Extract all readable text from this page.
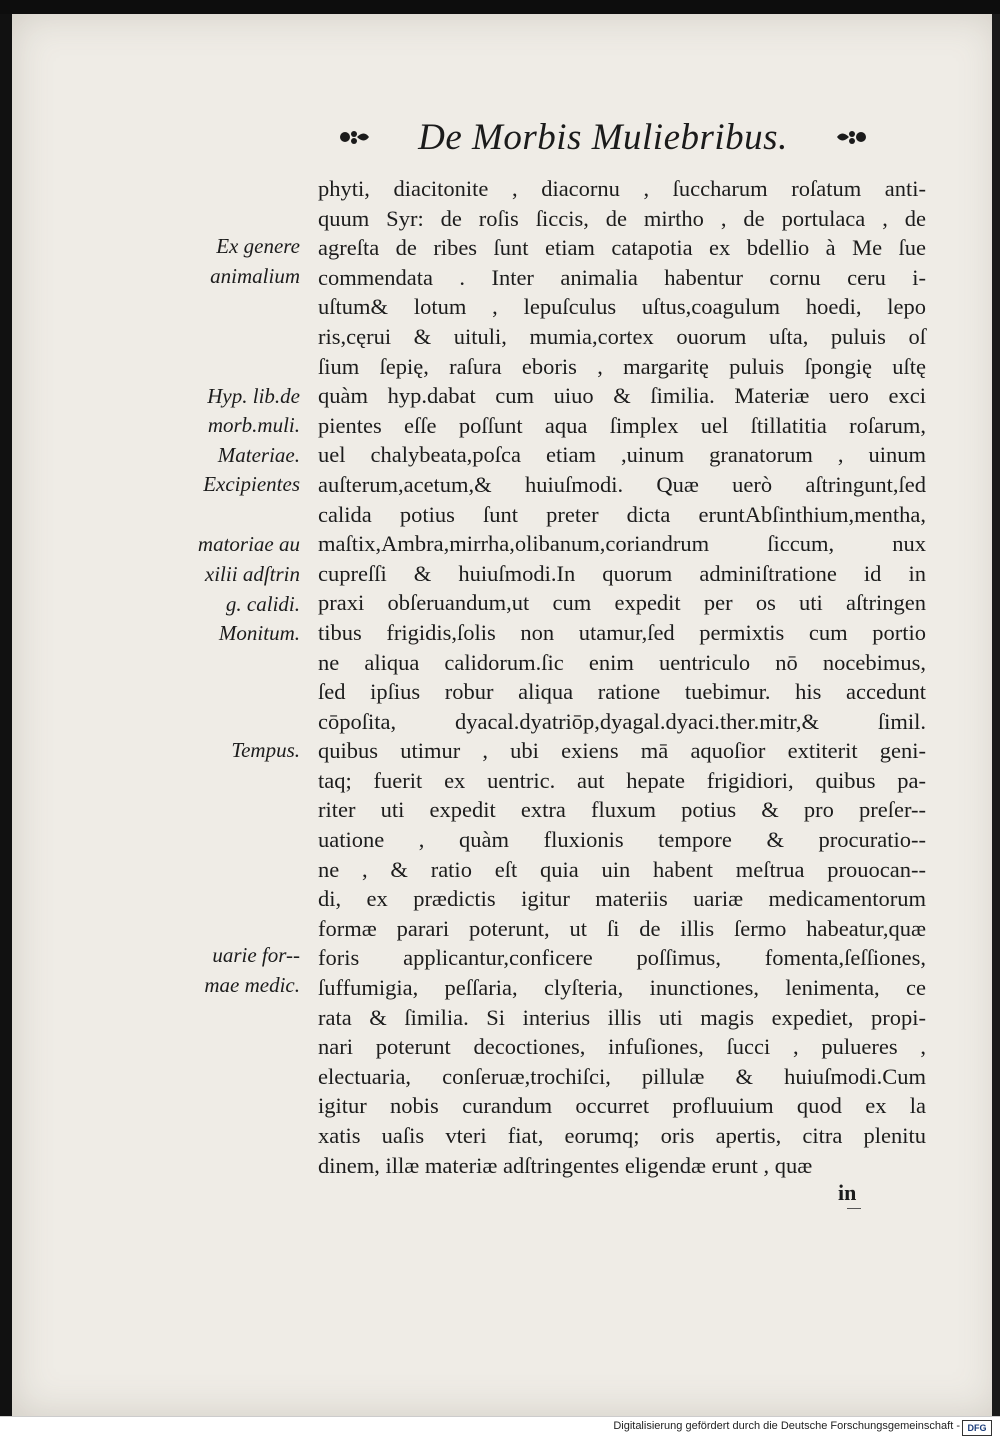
De Morbis Muliebribus.
phyti, diacitonite , diacornu , ſuccharum roſatum anti-
quum Syr: de roſis ſiccis, de mirtho , de portulaca , de
agreſta de ribes ſunt etiam catapotia ex bdellio à Me ſue
commendata . Inter animalia habentur cornu ceru i-
uſtum& lotum , lepuſculus uſtus,coagulum hoedi, lepo
ris,cęrui & uituli, mumia,cortex ouorum uſta, puluis oſ
ſium ſepię, raſura eboris , margaritę puluis ſpongię uſtę
quàm hyp.dabat cum uiuo & ſimilia. Materiæ uero exci
pientes eſſe poſſunt aqua ſimplex uel ſtillatitia roſarum,
uel chalybeata,poſca etiam ,uinum granatorum , uinum
auſterum,acetum,& huiuſmodi. Quæ uerò aſtringunt,ſed
calida potius ſunt preter dicta eruntAbſinthium,mentha,
maſtix,Ambra,mirrha,olibanum,coriandrum ſiccum, nux
cupreſſi & huiuſmodi.In quorum adminiſtratione id in
praxi obſeruandum,ut cum expedit per os uti aſtringen
tibus frigidis,ſolis non utamur,ſed permixtis cum portio
ne aliqua calidorum.ſic enim uentriculo nō nocebimus,
ſed ipſius robur aliqua ratione tuebimur. his accedunt
cōpoſita, dyacal.dyatriōp,dyagal.dyaci.ther.mitr,& ſimil.
quibus utimur , ubi exiens mā aquoſior extiterit geni-
taq; fuerit ex uentric. aut hepate frigidiori, quibus pa-
riter uti expedit extra fluxum potius & pro preſer--
uatione , quàm fluxionis tempore & procuratio--
ne , & ratio eſt quia uin habent meſtrua prouocan--
di, ex prædictis igitur materiis uariæ medicamentorum
formæ parari poterunt, ut ſi de illis ſermo habeatur,quæ
foris applicantur,conficere poſſimus, fomenta,ſeſſiones,
ſuffumigia, peſſaria, clyſteria, inunctiones, lenimenta, ce
rata & ſimilia. Si interius illis uti magis expediet, propi-
nari poterunt decoctiones, infuſiones, ſucci , pulueres ,
electuaria, conſeruæ,trochiſci, pillulæ & huiuſmodi.Cum
igitur nobis curandum occurret profluuium quod ex la
xatis uaſis vteri fiat, eorumq; oris apertis, citra plenitu
dinem, illæ materiæ adſtringentes eligendæ erunt , quæ
in
Ex genere
animalium
Hyp. lib.de
morb.muli.
Materiae.
Excipientes
matoriae au
xilii adſtrin
g. calidi.
Monitum.
Tempus.
uarie for--
mae medic.
Digitalisierung gefördert durch die Deutsche Forschungsgemeinschaft - DFG
